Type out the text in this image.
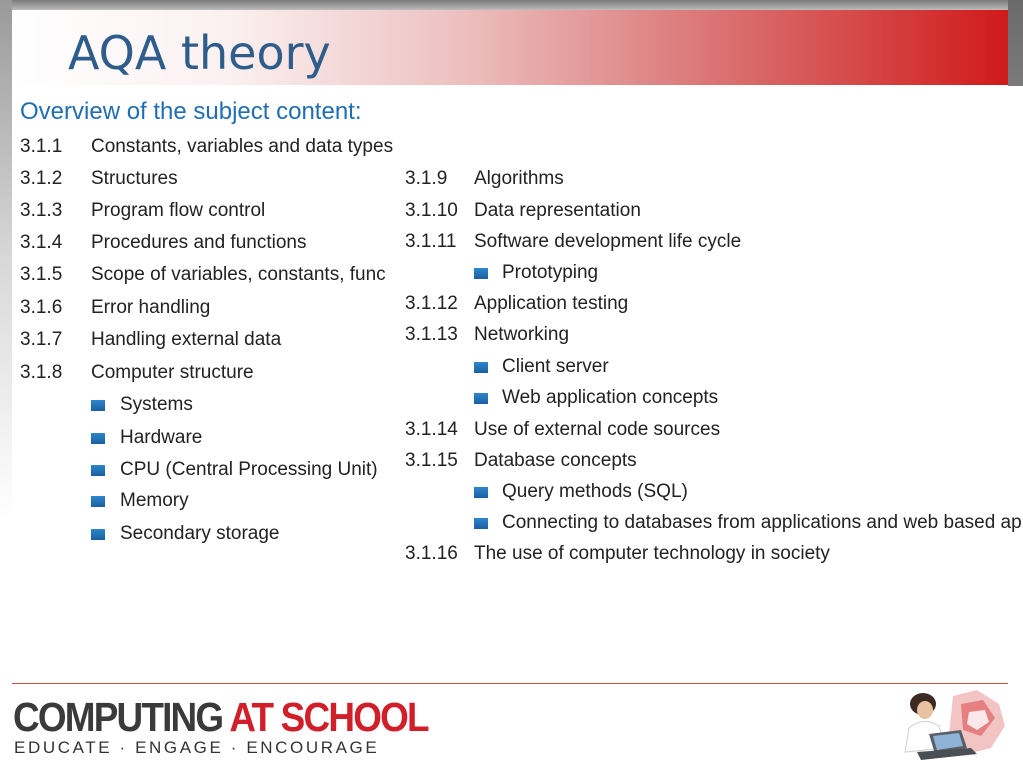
AQA theory
Overview of the subject content:
3.1.1	Constants, variables and data types
3.1.2	Structures
3.1.3	Program flow control
3.1.4	Procedures and functions
3.1.5	Scope of variables, constants, func
3.1.6	Error handling
3.1.7	Handling external data
3.1.8	Computer structure
Systems
Hardware
CPU (Central Processing Unit)
Memory
Secondary storage
3.1.9	Algorithms
3.1.10 Data representation
3.1.11 Software development life cycle
Prototyping
3.1.12 Application testing
3.1.13 Networking
Client server
Web application concepts
3.1.14 Use of external code sources
3.1.15 Database concepts
Query methods (SQL)
Connecting to databases from applications and web based ap
3.1.16 The use of computer technology in society
COMPUTING AT SCHOOL
EDUCATE · ENGAGE · ENCOURAGE
